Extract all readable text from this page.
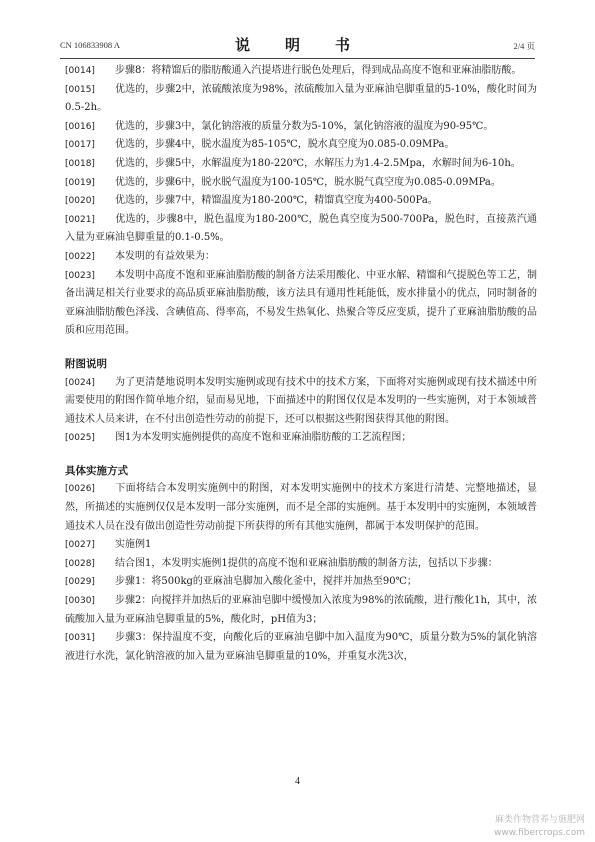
CN 106833908 A	说　明　书	2/4 页

[0014] 步骤8：将精馏后的脂肪酸通入汽提塔进行脱色处理后，得到成品高度不饱和亚麻油脂肪酸。

[0015] 优选的，步骤2中，浓硫酸浓度为98%，浓硫酸加入量为亚麻油皂脚重量的5-10%，酸化时间为0.5-2h。

[0016] 优选的，步骤3中，氯化钠溶液的质量分数为5-10%，氯化钠溶液的温度为90-95℃。

[0017] 优选的，步骤4中，脱水温度为85-105℃，脱水真空度为0.085-0.09MPa。

[0018] 优选的，步骤5中，水解温度为180-220℃，水解压力为1.4-2.5Mpa，水解时间为6-10h。

[0019] 优选的，步骤6中，脱水脱气温度为100-105℃，脱水脱气真空度为0.085-0.09MPa。

[0020] 优选的，步骤7中，精馏温度为180-200℃，精馏真空度为400-500Pa。

[0021] 优选的，步骤8中，脱色温度为180-200℃，脱色真空度为500-700Pa，脱色时，直接蒸汽通入量为亚麻油皂脚重量的0.1-0.5%。

[0022] 本发明的有益效果为：

[0023] 本发明中高度不饱和亚麻油脂肪酸的制备方法采用酸化、中亚水解、精馏和气提脱色等工艺，制备出满足相关行业要求的高品质亚麻油脂肪酸，该方法具有通用性耗能低，废水排量小的优点，同时制备的亚麻油脂肪酸色泽浅、含碘值高、得率高，不易发生热氧化、热聚合等反应变质，提升了亚麻油脂肪酸的品质和应用范围。

附图说明

[0024] 为了更清楚地说明本发明实施例或现有技术中的技术方案，下面将对实施例或现有技术描述中所需要使用的附图作简单地介绍，显而易见地，下面描述中的附图仅仅是本发明的一些实施例，对于本领域普通技术人员来讲，在不付出创造性劳动的前提下，还可以根据这些附图获得其他的附图。

[0025] 图1为本发明实施例提供的高度不饱和亚麻油脂肪酸的工艺流程图；

具体实施方式

[0026] 下面将结合本发明实施例中的附图，对本发明实施例中的技术方案进行清楚、完整地描述，显然，所描述的实施例仅仅是本发明一部分实施例，而不是全部的实施例。基于本发明中的实施例，本领域普通技术人员在没有做出创造性劳动前提下所获得的所有其他实施例，都属于本发明保护的范围。

[0027] 实施例1

[0028] 结合图1，本发明实施例1提供的高度不饱和亚麻油脂肪酸的制备方法，包括以下步骤：

[0029] 步骤1：将500kg的亚麻油皂脚加入酸化釜中，搅拌并加热至90℃；

[0030] 步骤2：向搅拌并加热后的亚麻油皂脚中缓慢加入浓度为98%的浓硫酸，进行酸化1h，其中，浓硫酸加入量为亚麻油皂脚重量的5%，酸化时，pH值为3；

[0031] 步骤3：保持温度不变，向酸化后的亚麻油皂脚中加入温度为90℃，质量分数为5%的氯化钠溶液进行水洗，氯化钠溶液的加入量为亚麻油皂脚重量的10%，并重复水洗3次，

4
麻类作物营养与施肥网
www.fibercrops.com
